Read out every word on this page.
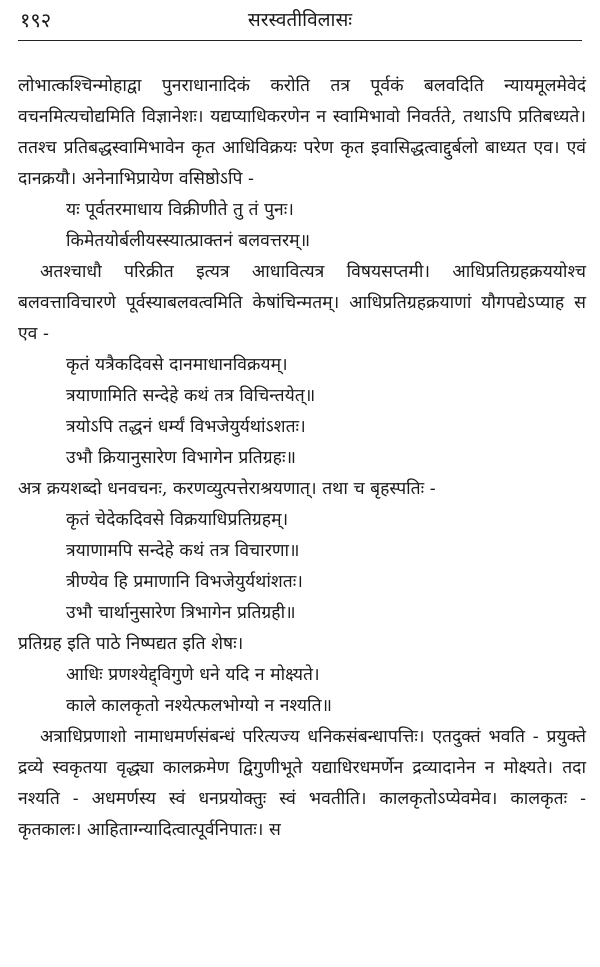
१९२	सरस्वतीविलासः

लोभात्कश्चिन्मोहाद्वा पुनराधानादिकं करोति तत्र पूर्वकं बलवदिति न्यायमूलमेवेदं वचनमित्यचोद्यमिति विज्ञानेशः। यद्यप्याधिकरणेन न स्वामिभावो निवर्तते, तथाऽपि प्रतिबध्यते। ततश्च प्रतिबद्धस्वामिभावेन कृत आधिविक्रयः परेण कृत इवासिद्धत्वाद्दुर्बलो बाध्यत एव। एवं दानक्रयौ। अनेनाभिप्रायेण वसिष्ठोऽपि -

यः पूर्वतरमाधाय विक्रीणीते तु तं पुनः।
किमेतयोर्बलीयस्स्यात्प्राक्तनं बलवत्तरम्॥

अतश्चाधौ परिक्रीत इत्यत्र आधावित्यत्र विषयसप्तमी। आधिप्रतिग्रहक्रययोश्च बलवत्ताविचारणे पूर्वस्याबलवत्वमिति केषांचिन्मतम्। आधिप्रतिग्रहक्रयाणां यौगपद्येऽप्याह स एव -

कृतं यत्रैकदिवसे दानमाधानविक्रयम्।
त्रयाणामिति सन्देहे कथं तत्र विचिन्तयेत्॥
त्रयोऽपि तद्धनं धर्म्यं विभजेयुर्यथांऽशतः।
उभौ क्रियानुसारेण विभागेन प्रतिग्रहः॥

अत्र क्रयशब्दो धनवचनः, करणव्युत्पत्तेराश्रयणात्। तथा च बृहस्पतिः -

कृतं चेदेकदिवसे विक्रयाधिप्रतिग्रहम्।
त्रयाणामपि सन्देहे कथं तत्र विचारणा॥
त्रीण्येव हि प्रमाणानि विभजेयुर्यथांशतः।
उभौ चार्थानुसारेण त्रिभागेन प्रतिग्रही॥

प्रतिग्रह इति पाठे निष्पद्यत इति शेषः।

आधिः प्रणश्येद्द्विगुणे धने यदि न मोक्ष्यते।
काले कालकृतो नश्येत्फलभोग्यो न नश्यति॥

अत्राधिप्रणाशो नामाधमर्णसंबन्धं परित्यज्य धनिकसंबन्धापत्तिः। एतदुक्तं भवति - प्रयुक्ते द्रव्ये स्वकृतया वृद्ध्या कालक्रमेण द्विगुणीभूते यद्याधिरधमर्णेन द्रव्यादानेन न मोक्ष्यते। तदा नश्यति - अधमर्णस्य स्वं धनप्रयोक्तुः स्वं भवतीति। कालकृतोऽप्येवमेव। कालकृतः - कृतकालः। आहिताग्न्यादित्वात्पूर्वनिपातः। स
